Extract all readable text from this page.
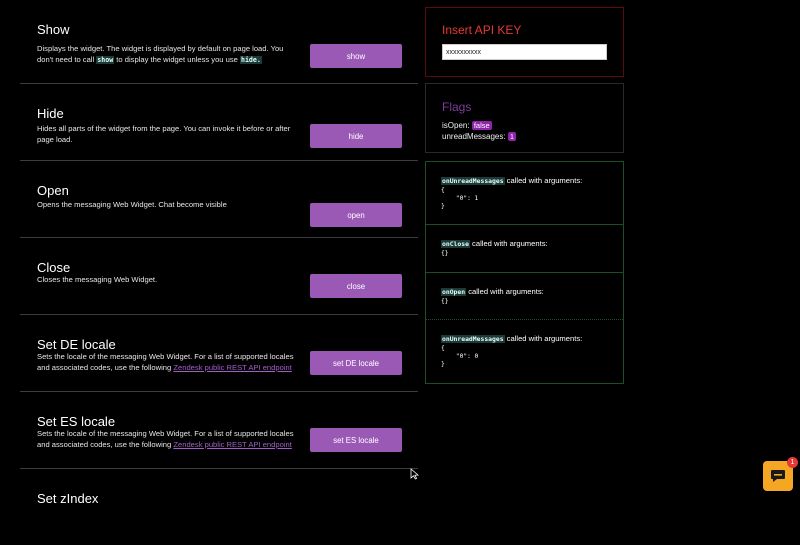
Show
Displays the widget. The widget is displayed by default on page load. You don't need to call show to display the widget unless you use hide.	show
Hide
Hides all parts of the widget from the page. You can invoke it before or after page load.	hide
Open
Opens the messaging Web Widget. Chat become visible
open
Close
Closes the messaging Web Widget.
close
Set DE locale
Sets the locale of the messaging Web Widget. For a list of supported locales and associated codes, use the following Zendesk public REST API endpoint	set DE locale
Set ES locale
Sets the locale of the messaging Web Widget. For a list of supported locales and associated codes, use the following Zendesk public REST API endpoint	set ES locale
Set zIndex
Insert API KEY
xxxxxxxxxx
Flags
isOpen: false
unreadMessages: 1
onUnreadMessages called with arguments:
{
"0": 1
}
onClose called with arguments:
{}
onOpen called with arguments:
{}
onUnreadMessages called with arguments:
{
"0": 0
}
1
